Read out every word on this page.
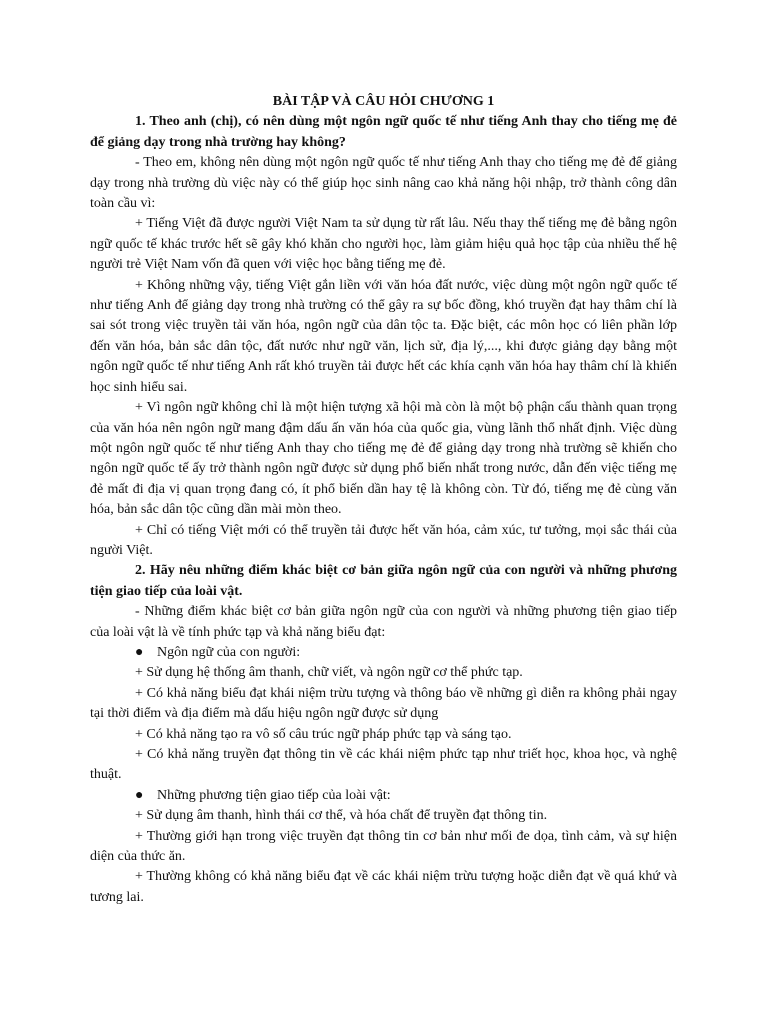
BÀI TẬP VÀ CÂU HỎI CHƯƠNG 1

1. Theo anh (chị), có nên dùng một ngôn ngữ quốc tế như tiếng Anh thay cho tiếng mẹ đẻ để giảng dạy trong nhà trường hay không?

- Theo em, không nên dùng một ngôn ngữ quốc tế như tiếng Anh thay cho tiếng mẹ đẻ để giảng dạy trong nhà trường dù việc này có thể giúp học sinh nâng cao khả năng hội nhập, trở thành công dân toàn cầu vì:

+ Tiếng Việt đã được người Việt Nam ta sử dụng từ rất lâu. Nếu thay thế tiếng mẹ đẻ bằng ngôn ngữ quốc tế khác trước hết sẽ gây khó khăn cho người học, làm giảm hiệu quả học tập của nhiều thế hệ người trẻ Việt Nam vốn đã quen với việc học bằng tiếng mẹ đẻ.

+ Không những vậy, tiếng Việt gắn liền với văn hóa đất nước, việc dùng một ngôn ngữ quốc tế như tiếng Anh để giảng dạy trong nhà trường có thể gây ra sự bốc đồng, khó truyền đạt hay thâm chí là sai sót trong việc truyền tải văn hóa, ngôn ngữ của dân tộc ta. Đặc biệt, các môn học có liên phần lớp đến văn hóa, bản sắc dân tộc, đất nước như ngữ văn, lịch sử, địa lý,..., khi được giảng dạy bằng một ngôn ngữ quốc tế như tiếng Anh rất khó truyền tải được hết các khía cạnh văn hóa hay thâm chí là khiến học sinh hiểu sai.

+ Vì ngôn ngữ không chỉ là một hiện tượng xã hội mà còn là một bộ phận cấu thành quan trọng của văn hóa nên ngôn ngữ mang đậm dấu ấn văn hóa của quốc gia, vùng lãnh thổ nhất định. Việc dùng một ngôn ngữ quốc tế như tiếng Anh thay cho tiếng mẹ đẻ để giảng dạy trong nhà trường sẽ khiến cho ngôn ngữ quốc tế ấy trở thành ngôn ngữ được sử dụng phổ biến nhất trong nước, dẫn đến việc tiếng mẹ đẻ mất đi địa vị quan trọng đang có, ít phổ biến dần hay tệ là không còn. Từ đó, tiếng mẹ đẻ cùng văn hóa, bản sắc dân tộc cũng dần mài mòn theo.

+ Chỉ có tiếng Việt mới có thể truyền tải được hết văn hóa, cảm xúc, tư tưởng, mọi sắc thái của người Việt.

2. Hãy nêu những điểm khác biệt cơ bản giữa ngôn ngữ của con người và những phương tiện giao tiếp của loài vật.

- Những điểm khác biệt cơ bản giữa ngôn ngữ của con người và những phương tiện giao tiếp của loài vật là về tính phức tạp và khả năng biểu đạt:

● Ngôn ngữ của con người:

+ Sử dụng hệ thống âm thanh, chữ viết, và ngôn ngữ cơ thể phức tạp.

+ Có khả năng biểu đạt khái niệm trừu tượng và thông báo về những gì diễn ra không phải ngay tại thời điểm và địa điểm mà dấu hiệu ngôn ngữ được sử dụng

+ Có khả năng tạo ra vô số câu trúc ngữ pháp phức tạp và sáng tạo.

+ Có khả năng truyền đạt thông tin về các khái niệm phức tạp như triết học, khoa học, và nghệ thuật.

● Những phương tiện giao tiếp của loài vật:

+ Sử dụng âm thanh, hình thái cơ thể, và hóa chất để truyền đạt thông tin.

+ Thường giới hạn trong việc truyền đạt thông tin cơ bản như mối đe dọa, tình cảm, và sự hiện diện của thức ăn.

+ Thường không có khả năng biểu đạt về các khái niệm trừu tượng hoặc diễn đạt về quá khứ và tương lai.
